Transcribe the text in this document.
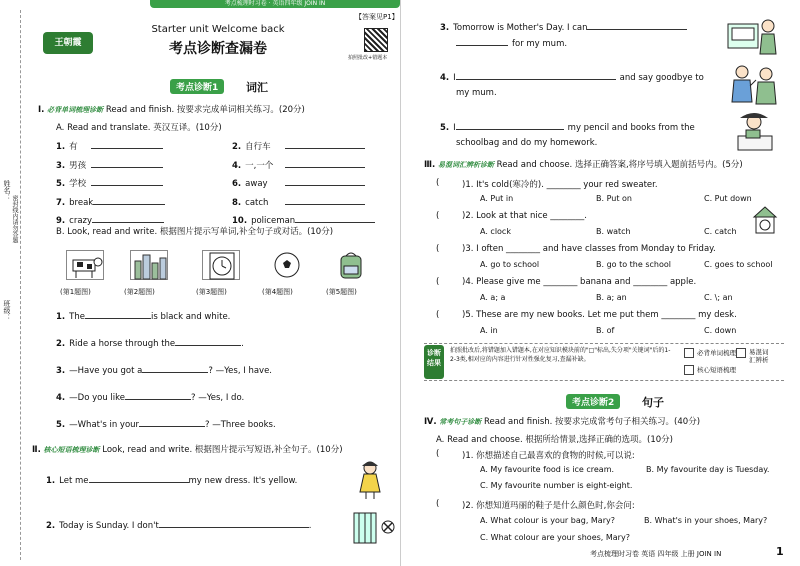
考点梳理时习卷 · 英语四年级 JOIN IN
姓名：
密封线内请勿答题
班级：
王朝霞
Starter unit Welcome back
考点诊断查漏卷
【答案见P1】
拍照批改+错题本
考点诊断1	词汇
Ⅰ. 必背单词梳理诊断 Read and finish. 按要求完成单词相关练习。(20分)
A. Read and translate. 英汉互译。(10分)
1. 有	2. 自行车
3. 男孩	4. 一,一个
5. 学校	6. away
7. break	8. catch
9. crazy	10. policeman
B. Look, read and write. 根据图片提示写单词,补全句子或对话。(10分)
(第1题图)	(第2题图)	(第3题图)	(第4题图)	(第5题图)
1. The	is black and white.
2. Ride a horse through the	.
3. —Have you got a	? —Yes, I have.
4. —Do you like	? —Yes, I do.
5. —What's in your	? —Three books.
Ⅱ. 核心短语梳理诊断 Look, read and write. 根据图片提示写短语,补全句子。(10分)
1. Let me	my new dress. It's yellow.
2. Today is Sunday. I don't	.
3. Tomorrow is Mother's Day. I can
for my mum.
4. I	and say goodbye to
my mum.
5. I	my pencil and books from the
schoolbag and do my homework.
Ⅲ. 易混词汇辨析诊断 Read and choose. 选择正确答案,将序号填入题前括号内。(5分)
(	)1. It's cold(寒冷的). ________ your red sweater.
A. Put in	B. Put on	C. Put down
(	)2. Look at that nice ________.
A. clock	B. watch	C. catch
(	)3. I often ________ and have classes from Monday to Friday.
A. go to school	B. go to the school	C. goes to school
(	)4. Please give me ________ banana and ________ apple.
A. a; a	B. a; an	C. \; an
(	)5. These are my new books. Let me put them ________ my desk.
A. in	B. of	C. down
诊断结果
拍照批改后,将错题加入错题本,在对应知识模块前的"□"标出,失分项"关键词"后的1-2-3类,相对应的内容进行针对性强化复习,查漏补缺。
必背单词梳理
核心短语梳理
易混词汇辨析
考点诊断2	句子
Ⅳ. 常考句子诊断 Read and finish. 按要求完成常考句子相关练习。(40分)
A. Read and choose. 根据所给情景,选择正确的选项。(10分)
(	)1. 你想描述自己最喜欢的食物的时候,可以说:
A. My favourite food is ice cream.	B. My favourite day is Tuesday.
C. My favourite number is eight-eight.
(	)2. 你想知道玛丽的鞋子是什么颜色时,你会问:
A. What colour is your bag, Mary?	B. What's in your shoes, Mary?
C. What colour are your shoes, Mary?
考点梳理时习卷 英语 四年级 上册 JOIN IN	1
